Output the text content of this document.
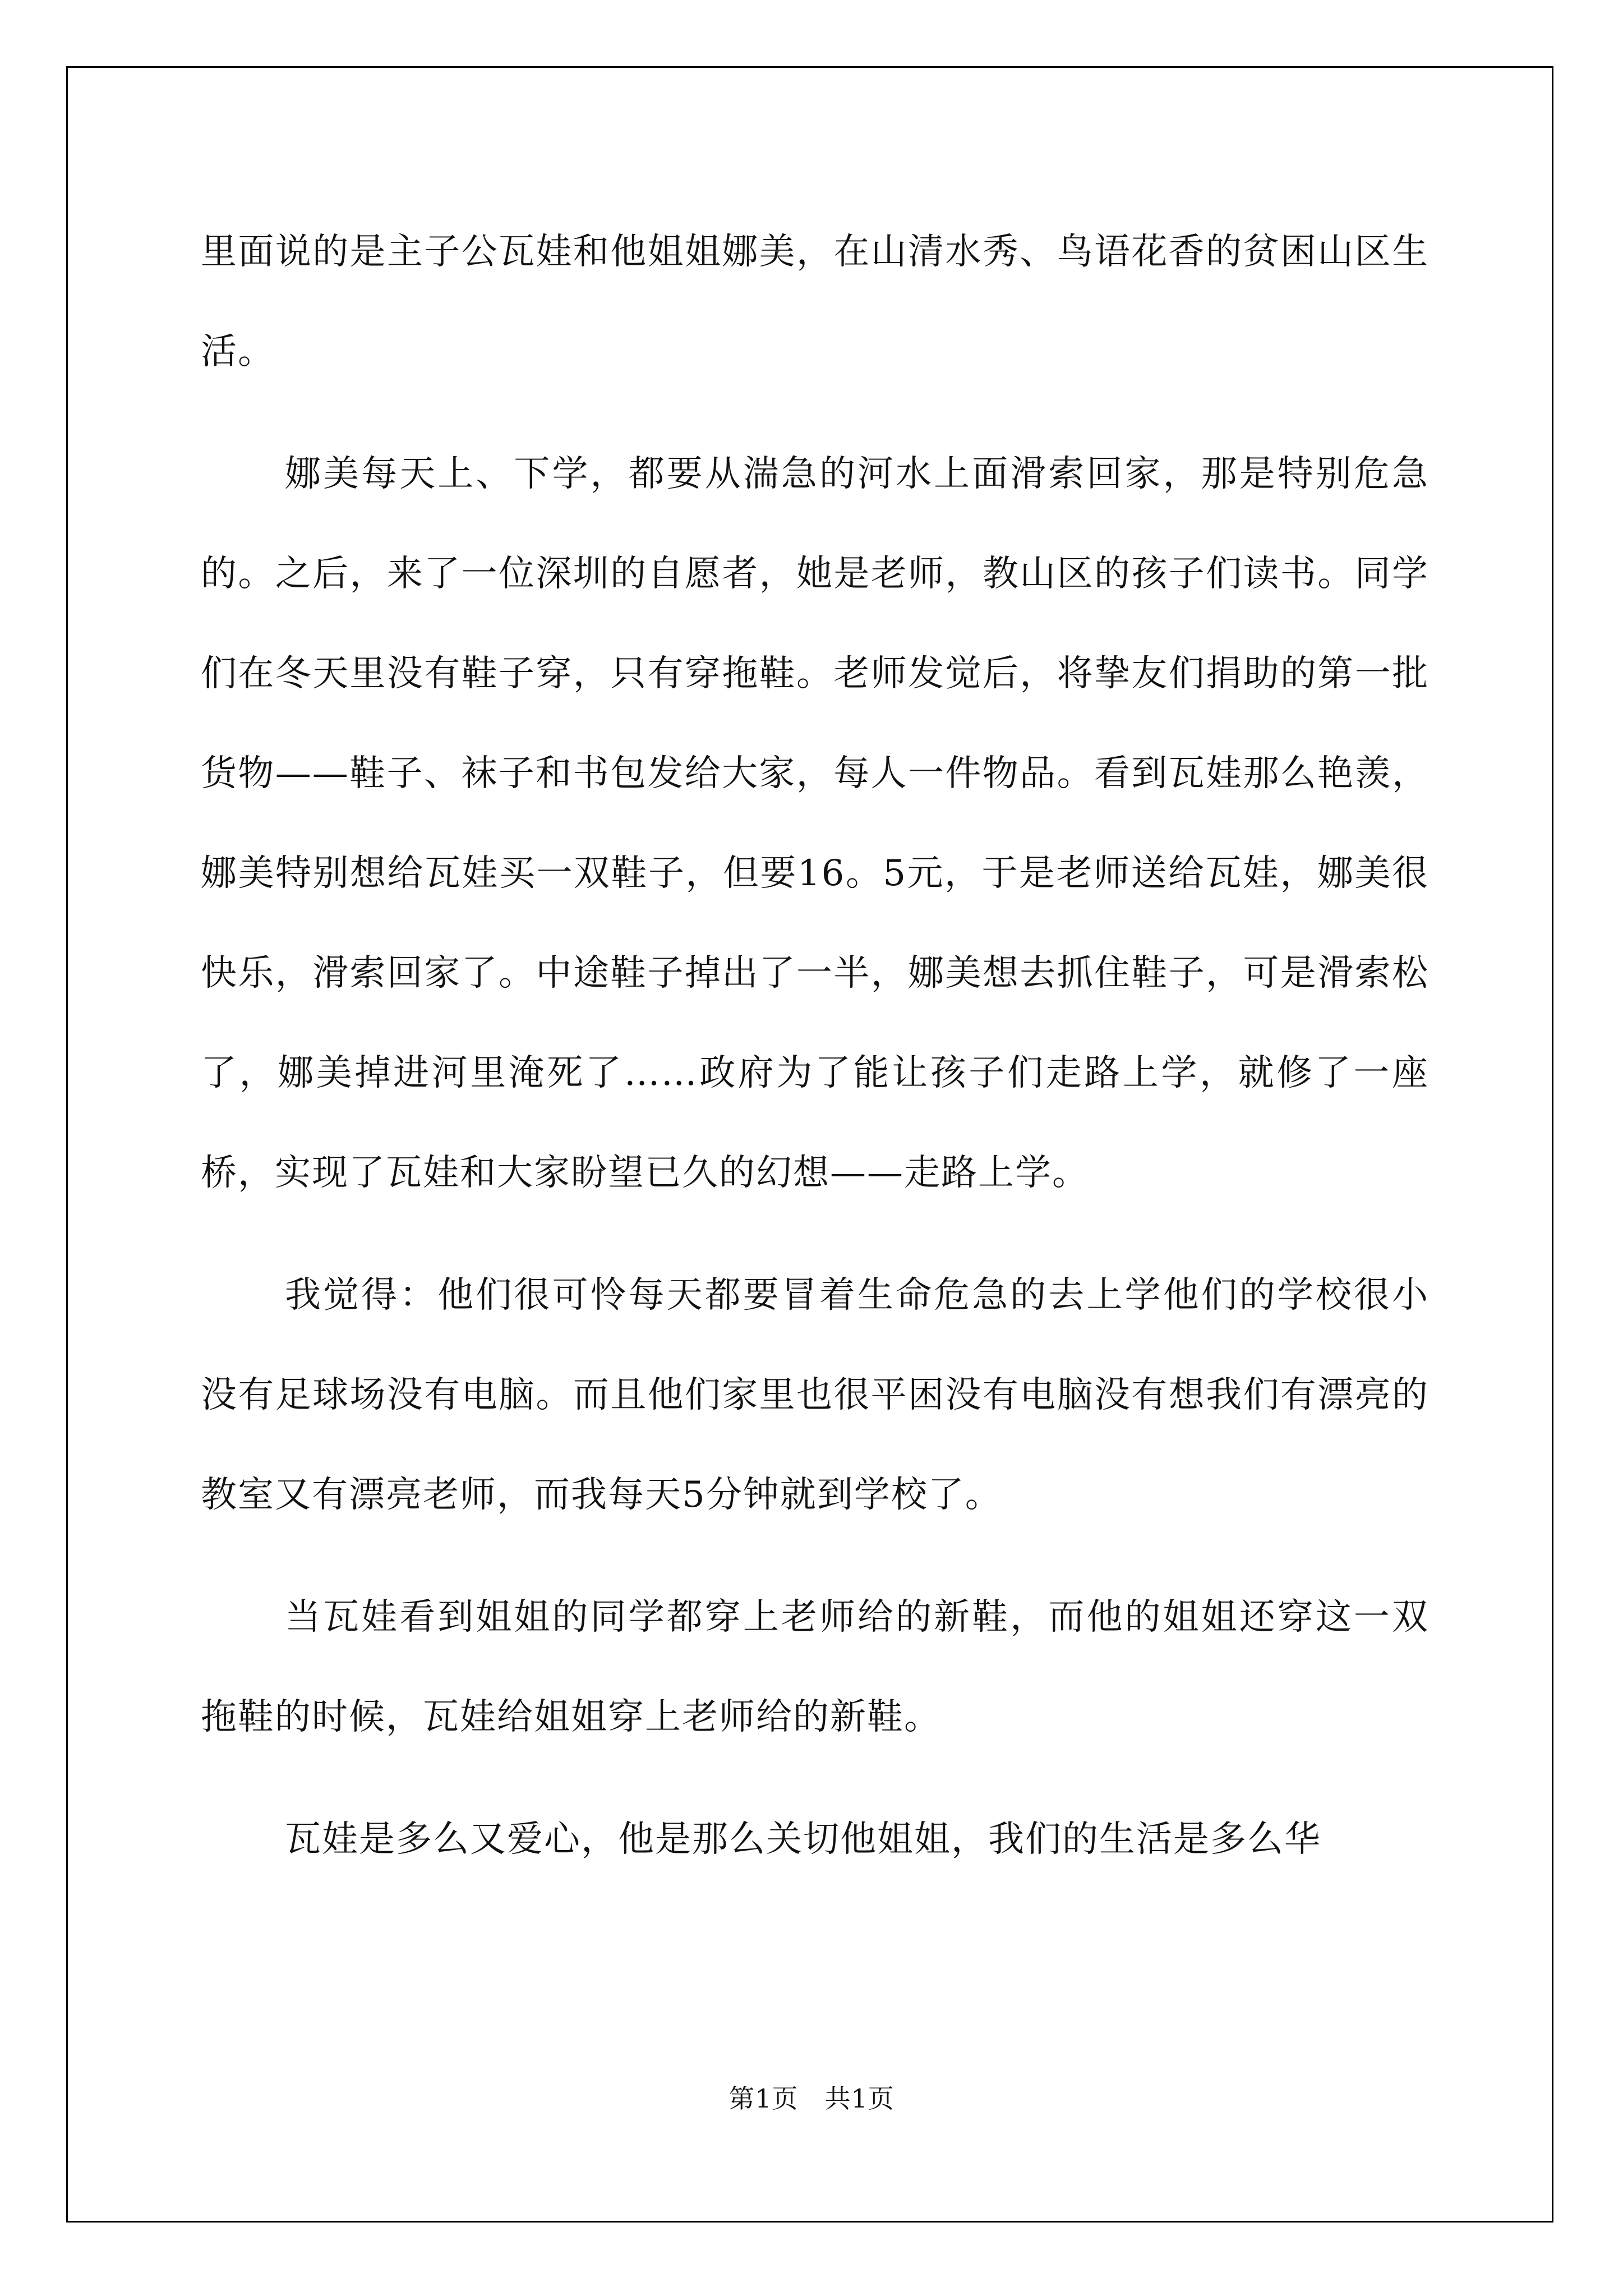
里面说的是主子公瓦娃和他姐姐娜美，在山清水秀、鸟语花香的贫困山区生活。

娜美每天上、下学，都要从湍急的河水上面滑索回家，那是特别危急的。之后，来了一位深圳的自愿者，她是老师，教山区的孩子们读书。同学们在冬天里没有鞋子穿，只有穿拖鞋。老师发觉后，将挚友们捐助的第一批货物——鞋子、袜子和书包发给大家，每人一件物品。看到瓦娃那么艳羡，娜美特别想给瓦娃买一双鞋子，但要16。5元，于是老师送给瓦娃，娜美很快乐，滑索回家了。中途鞋子掉出了一半，娜美想去抓住鞋子，可是滑索松了，娜美掉进河里淹死了……政府为了能让孩子们走路上学，就修了一座桥，实现了瓦娃和大家盼望已久的幻想——走路上学。

我觉得：他们很可怜每天都要冒着生命危急的去上学他们的学校很小没有足球场没有电脑。而且他们家里也很平困没有电脑没有想我们有漂亮的教室又有漂亮老师，而我每天5分钟就到学校了。

当瓦娃看到姐姐的同学都穿上老师给的新鞋，而他的姐姐还穿这一双拖鞋的时候，瓦娃给姐姐穿上老师给的新鞋。

瓦娃是多么又爱心，他是那么关切他姐姐，我们的生活是多么华

第1页　共1页
